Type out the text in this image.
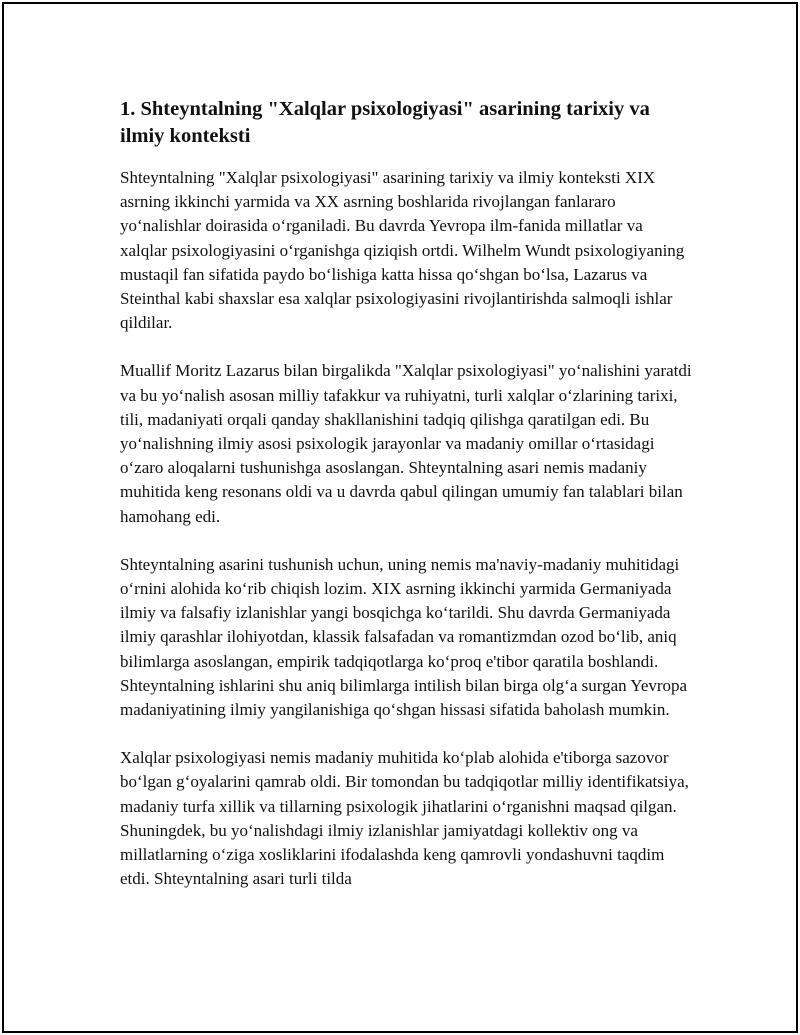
1. Shteyntalning "Xalqlar psixologiyasi" asarining tarixiy va ilmiy konteksti

Shteyntalning "Xalqlar psixologiyasi" asarining tarixiy va ilmiy konteksti XIX asrning ikkinchi yarmida va XX asrning boshlarida rivojlangan fanlararo yo‘nalishlar doirasida o‘rganiladi. Bu davrda Yevropa ilm-fanida millatlar va xalqlar psixologiyasini o‘rganishga qiziqish ortdi. Wilhelm Wundt psixologiyaning mustaqil fan sifatida paydo bo‘lishiga katta hissa qo‘shgan bo‘lsa, Lazarus va Steinthal kabi shaxslar esa xalqlar psixologiyasini rivojlantirishda salmoqli ishlar qildilar.

Muallif Moritz Lazarus bilan birgalikda "Xalqlar psixologiyasi" yo‘nalishini yaratdi va bu yo‘nalish asosan milliy tafakkur va ruhiyatni, turli xalqlar o‘zlarining tarixi, tili, madaniyati orqali qanday shakllanishini tadqiq qilishga qaratilgan edi. Bu yo‘nalishning ilmiy asosi psixologik jarayonlar va madaniy omillar o‘rtasidagi o‘zaro aloqalarni tushunishga asoslangan. Shteyntalning asari nemis madaniy muhitida keng resonans oldi va u davrda qabul qilingan umumiy fan talablari bilan hamohang edi.

Shteyntalning asarini tushunish uchun, uning nemis ma'naviy-madaniy muhitidagi o‘rnini alohida ko‘rib chiqish lozim. XIX asrning ikkinchi yarmida Germaniyada ilmiy va falsafiy izlanishlar yangi bosqichga ko‘tarildi. Shu davrda Germaniyada ilmiy qarashlar ilohiyotdan, klassik falsafadan va romantizmdan ozod bo‘lib, aniq bilimlarga asoslangan, empirik tadqiqotlarga ko‘proq e'tibor qaratila boshlandi. Shteyntalning ishlarini shu aniq bilimlarga intilish bilan birga olg‘a surgan Yevropa madaniyatining ilmiy yangilanishiga qo‘shgan hissasi sifatida baholash mumkin.

Xalqlar psixologiyasi nemis madaniy muhitida ko‘plab alohida e'tiborga sazovor bo‘lgan g‘oyalarini qamrab oldi. Bir tomondan bu tadqiqotlar milliy identifikatsiya, madaniy turfa xillik va tillarning psixologik jihatlarini o‘rganishni maqsad qilgan. Shuningdek, bu yo‘nalishdagi ilmiy izlanishlar jamiyatdagi kollektiv ong va millatlarning o‘ziga xosliklarini ifodalashda keng qamrovli yondashuvni taqdim etdi. Shteyntalning asari turli tilda
